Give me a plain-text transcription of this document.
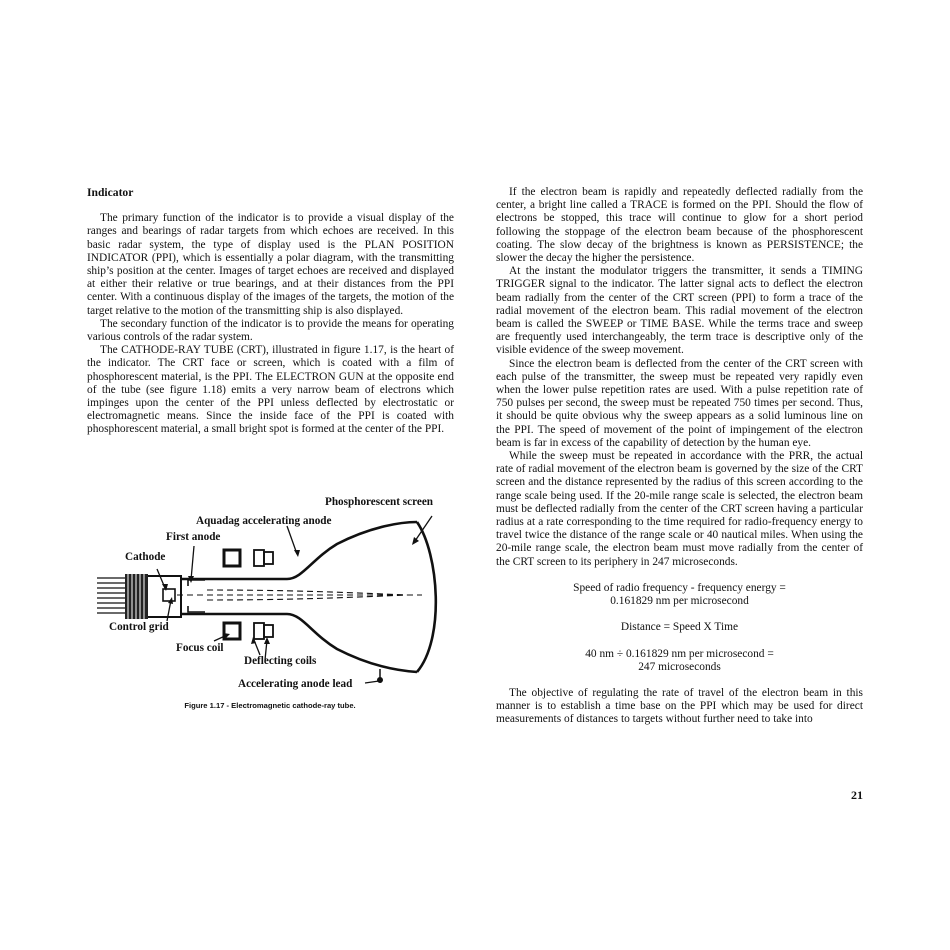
Indicator

The primary function of the indicator is to provide a visual display of the ranges and bearings of radar targets from which echoes are received. In this basic radar system, the type of display used is the PLAN POSITION INDICATOR (PPI), which is essentially a polar diagram, with the transmitting ship’s position at the center. Images of target echoes are received and displayed at either their relative or true bearings, and at their distances from the PPI center. With a continuous display of the images of the targets, the motion of the target relative to the motion of the transmitting ship is also displayed.

The secondary function of the indicator is to provide the means for operating various controls of the radar system.

The CATHODE-RAY TUBE (CRT), illustrated in figure 1.17, is the heart of the indicator. The CRT face or screen, which is coated with a film of phosphorescent material, is the PPI. The ELECTRON GUN at the opposite end of the tube (see figure 1.18) emits a very narrow beam of electrons which impinges upon the center of the PPI unless deflected by electrostatic or electromagnetic means. Since the inside face of the PPI is coated with phosphorescent material, a small bright spot is formed at the center of the PPI.

Phosphorescent screen
Aquadag accelerating anode
First anode
Cathode
Control grid
Focus coil
Deflecting coils
Accelerating anode lead
Figure 1.17 - Electromagnetic cathode-ray tube.

If the electron beam is rapidly and repeatedly deflected radially from the center, a bright line called a TRACE is formed on the PPI. Should the flow of electrons be stopped, this trace will continue to glow for a short period following the stoppage of the electron beam because of the phosphorescent coating. The slow decay of the brightness is known as PERSISTENCE; the slower the decay the higher the persistence.

At the instant the modulator triggers the transmitter, it sends a TIMING TRIGGER signal to the indicator. The latter signal acts to deflect the electron beam radially from the center of the CRT screen (PPI) to form a trace of the radial movement of the electron beam. This radial movement of the electron beam is called the SWEEP or TIME BASE. While the terms trace and sweep are frequently used interchangeably, the term trace is descriptive only of the visible evidence of the sweep movement.

Since the electron beam is deflected from the center of the CRT screen with each pulse of the transmitter, the sweep must be repeated very rapidly even when the lower pulse repetition rates are used. With a pulse repetition rate of 750 pulses per second, the sweep must be repeated 750 times per second. Thus, it should be quite obvious why the sweep appears as a solid luminous line on the PPI. The speed of movement of the point of impingement of the electron beam is far in excess of the capability of detection by the human eye.

While the sweep must be repeated in accordance with the PRR, the actual rate of radial movement of the electron beam is governed by the size of the CRT screen and the distance represented by the radius of this screen according to the range scale being used. If the 20-mile range scale is selected, the electron beam must be deflected radially from the center of the CRT screen having a particular radius at a rate corresponding to the time required for radio-frequency energy to travel twice the distance of the range scale or 40 nautical miles. When using the 20-mile range scale, the electron beam must move radially from the center of the CRT screen to its periphery in 247 microseconds.

Speed of radio frequency - frequency energy =
0.161829 nm per microsecond
Distance = Speed X Time
40 nm ÷ 0.161829 nm per microsecond =
247 microseconds

The objective of regulating the rate of travel of the electron beam in this manner is to establish a time base on the PPI which may be used for direct measurements of distances to targets without further need to take into

21
